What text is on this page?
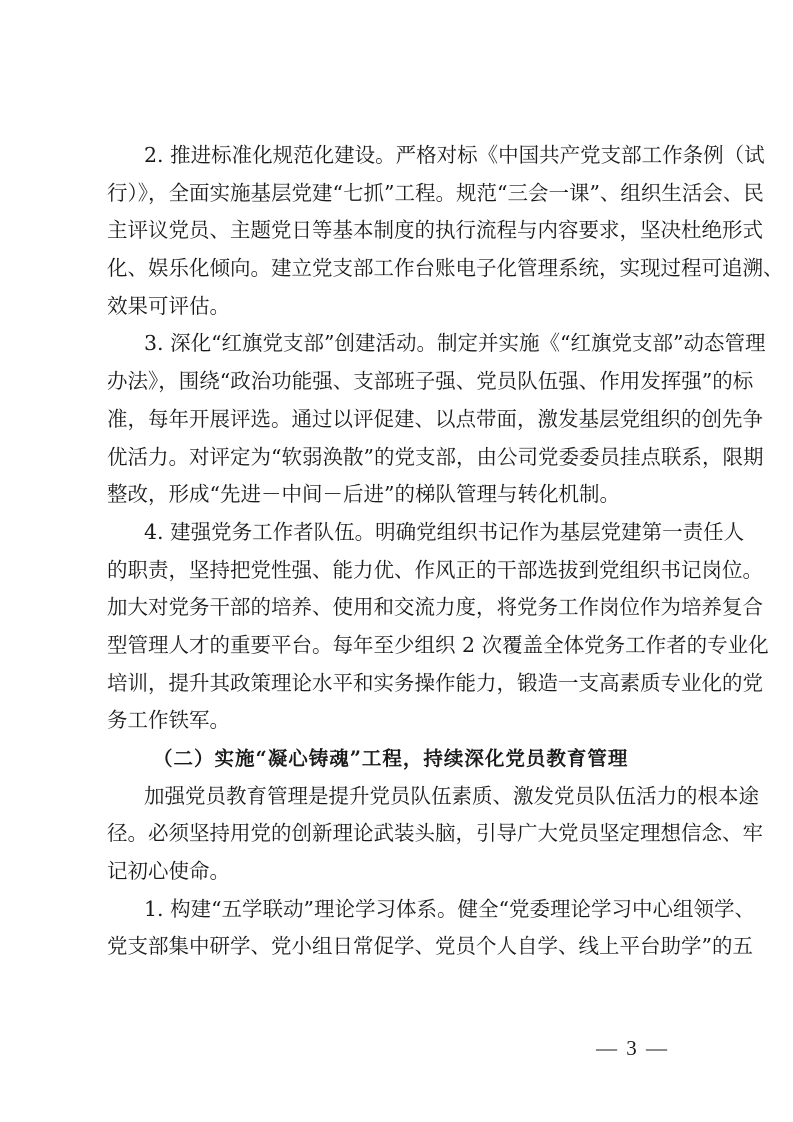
2. 推进标准化规范化建设。严格对标《中国共产党支部工作条例（试
行）》，全面实施基层党建“七抓”工程。规范“三会一课”、组织生活会、民
主评议党员、主题党日等基本制度的执行流程与内容要求，坚决杜绝形式
化、娱乐化倾向。建立党支部工作台账电子化管理系统，实现过程可追溯、
效果可评估。
3. 深化“红旗党支部”创建活动。制定并实施《“红旗党支部”动态管理
办法》，围绕“政治功能强、支部班子强、党员队伍强、作用发挥强”的标
准，每年开展评选。通过以评促建、以点带面，激发基层党组织的创先争
优活力。对评定为“软弱涣散”的党支部，由公司党委委员挂点联系，限期
整改，形成“先进－中间－后进”的梯队管理与转化机制。
4. 建强党务工作者队伍。明确党组织书记作为基层党建第一责任人
的职责，坚持把党性强、能力优、作风正的干部选拔到党组织书记岗位。
加大对党务干部的培养、使用和交流力度，将党务工作岗位作为培养复合
型管理人才的重要平台。每年至少组织 2 次覆盖全体党务工作者的专业化
培训，提升其政策理论水平和实务操作能力，锻造一支高素质专业化的党
务工作铁军。
（二）实施“凝心铸魂”工程，持续深化党员教育管理
加强党员教育管理是提升党员队伍素质、激发党员队伍活力的根本途
径。必须坚持用党的创新理论武装头脑，引导广大党员坚定理想信念、牢
记初心使命。
1. 构建“五学联动”理论学习体系。健全“党委理论学习中心组领学、
党支部集中研学、党小组日常促学、党员个人自学、线上平台助学”的五
— 3 —
